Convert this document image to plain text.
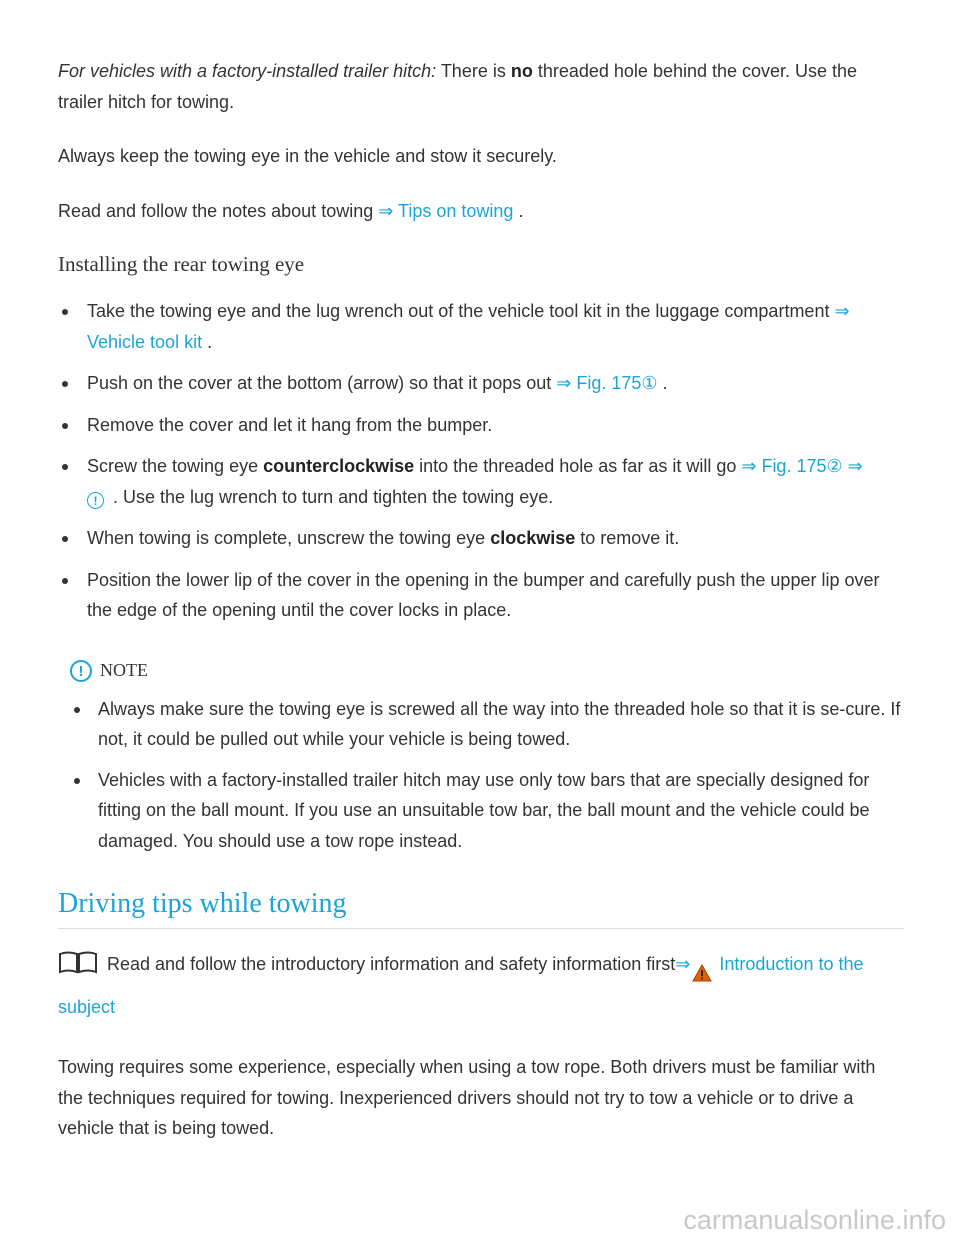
For vehicles with a factory-installed trailer hitch: There is no threaded hole behind the cover. Use the trailer hitch for towing.

Always keep the towing eye in the vehicle and stow it securely.

Read and follow the notes about towing ⇒ Tips on towing .

Installing the rear towing eye
Take the towing eye and the lug wrench out of the vehicle tool kit in the luggage compartment ⇒ Vehicle tool kit .
Push on the cover at the bottom (arrow) so that it pops out ⇒ Fig. 175① .
Remove the cover and let it hang from the bumper.
Screw the towing eye counterclockwise into the threaded hole as far as it will go ⇒ Fig. 175② ⇒
! . Use the lug wrench to turn and tighten the towing eye.
When towing is complete, unscrew the towing eye clockwise to remove it.
Position the lower lip of the cover in the opening in the bumper and carefully push the upper lip over the edge of the opening until the cover locks in place.
! NOTE
Always make sure the towing eye is screwed all the way into the threaded hole so that it is se-cure. If not, it could be pulled out while your vehicle is being towed.
Vehicles with a factory-installed trailer hitch may use only tow bars that are specially designed for fitting on the ball mount. If you use an unsuitable tow bar, the ball mount and the vehicle could be damaged. You should use a tow rope instead.
Driving tips while towing

Read and follow the introductory information and safety information first⇒ Introduction to the subject

Towing requires some experience, especially when using a tow rope. Both drivers must be familiar with the techniques required for towing. Inexperienced drivers should not try to tow a vehicle or to drive a vehicle that is being towed.

carmanualsonline.info
